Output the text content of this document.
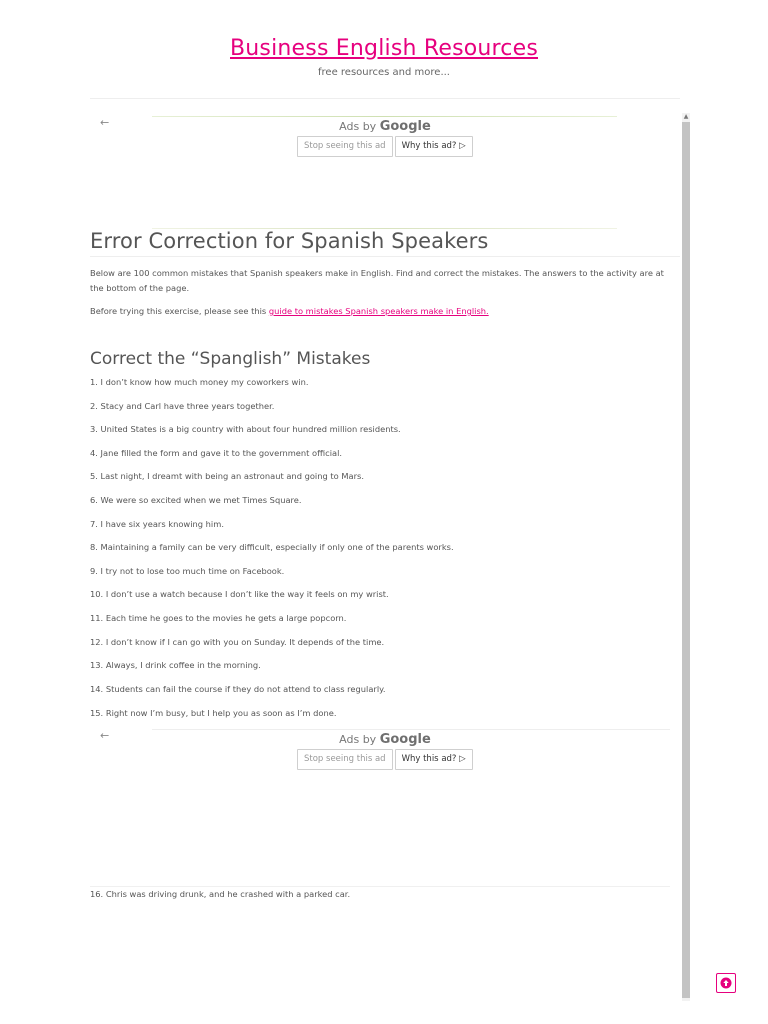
Business English Resources
free resources and more...
▲
←	Ads by Google
Stop seeing this ad	Why this ad? ▷
Error Correction for Spanish Speakers

Below are 100 common mistakes that Spanish speakers make in English. Find and correct the mistakes. The answers to the activity are at the bottom of the page.

Before trying this exercise, please see this guide to mistakes Spanish speakers make in English.

Correct the “Spanglish” Mistakes
1. I don’t know how much money my coworkers win.
2. Stacy and Carl have three years together.
3. United States is a big country with about four hundred million residents.
4. Jane filled the form and gave it to the government official.
5. Last night, I dreamt with being an astronaut and going to Mars.
6. We were so excited when we met Times Square.
7. I have six years knowing him.
8. Maintaining a family can be very difficult, especially if only one of the parents works.
9. I try not to lose too much time on Facebook.
10. I don’t use a watch because I don’t like the way it feels on my wrist.
11. Each time he goes to the movies he gets a large popcorn.
12. I don’t know if I can go with you on Sunday. It depends of the time.
13. Always, I drink coffee in the morning.
14. Students can fail the course if they do not attend to class regularly.
15. Right now I’m busy, but I help you as soon as I’m done.
16. Chris was driving drunk, and he crashed with a parked car.
←	Ads by Google
Stop seeing this ad	Why this ad? ▷
